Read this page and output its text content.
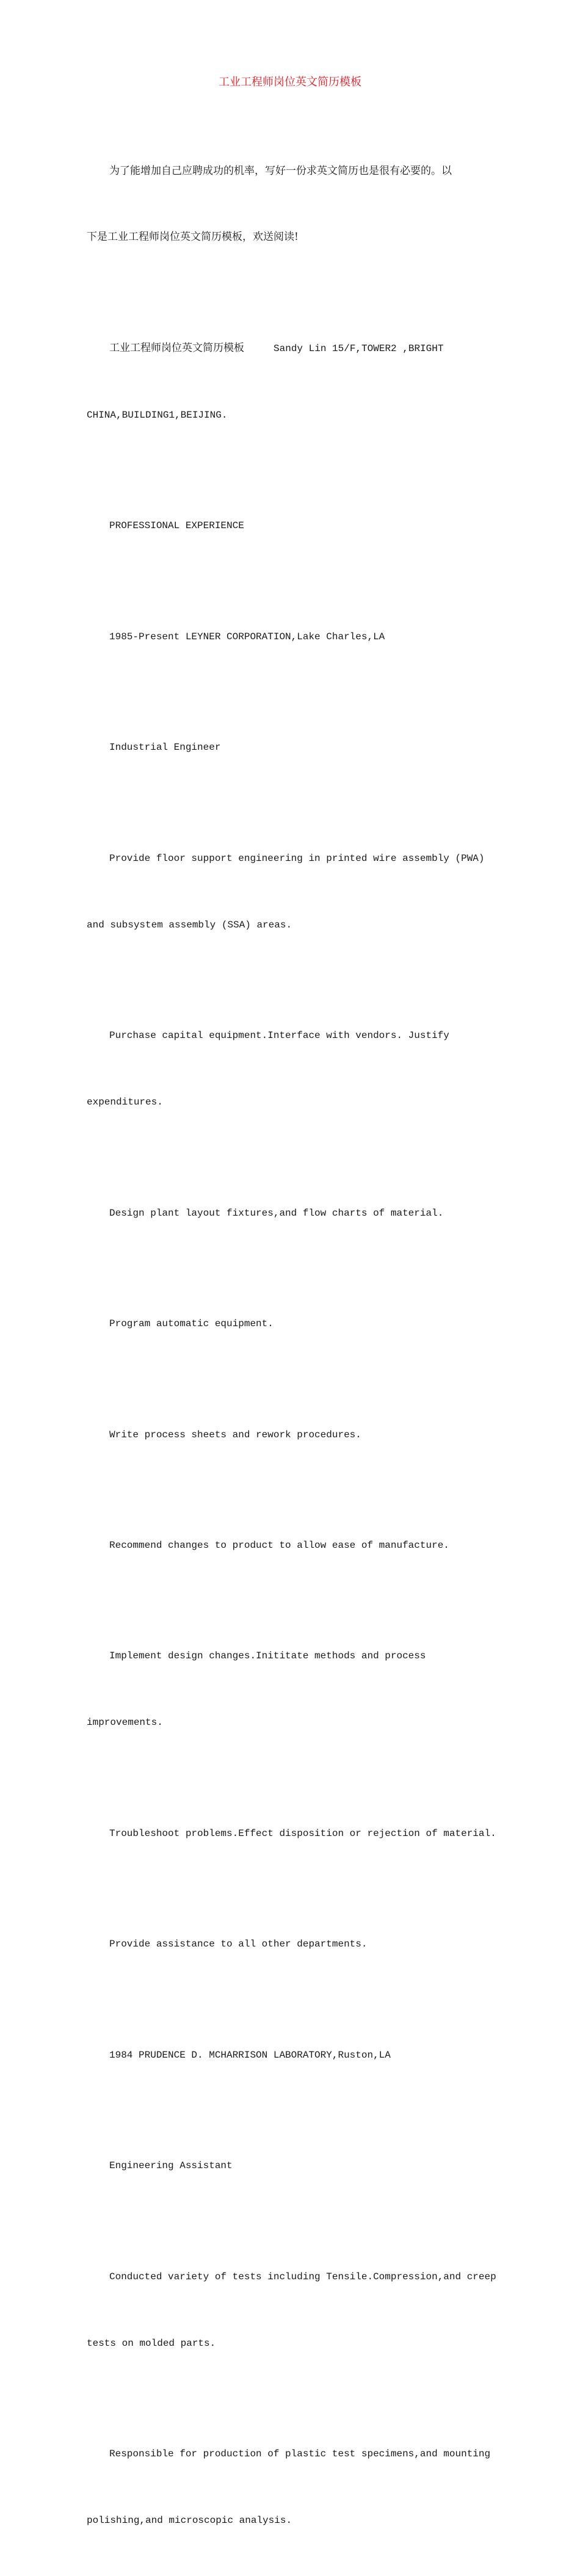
工业工程师岗位英文简历模板

为了能增加自己应聘成功的机率，写好一份求英文简历也是很有必要的。以

下是工业工程师岗位英文简历模板，欢送阅读!

工业工程师岗位英文简历模板     Sandy Lin 15/F,TOWER2 ,BRIGHT

CHINA,BUILDING1,BEIJING.

PROFESSIONAL EXPERIENCE

1985-Present LEYNER CORPORATION,Lake Charles,LA

Industrial Engineer

Provide floor support engineering in printed wire assembly (PWA)

and subsystem assembly (SSA) areas.

Purchase capital equipment.Interface with vendors. Justify

expenditures.

Design plant layout fixtures,and flow charts of material.

Program automatic equipment.

Write process sheets and rework procedures.

Recommend changes to product to allow ease of manufacture.

Implement design changes.Inititate methods and process

improvements.

Troubleshoot problems.Effect disposition or rejection of material.

Provide assistance to all other departments.

1984 PRUDENCE D. MCHARRISON LABORATORY,Ruston,LA

Engineering Assistant

Conducted variety of tests including Tensile.Compression,and creep

tests on molded parts.

Responsible for production of plastic test specimens,and mounting

polishing,and microscopic analysis.
